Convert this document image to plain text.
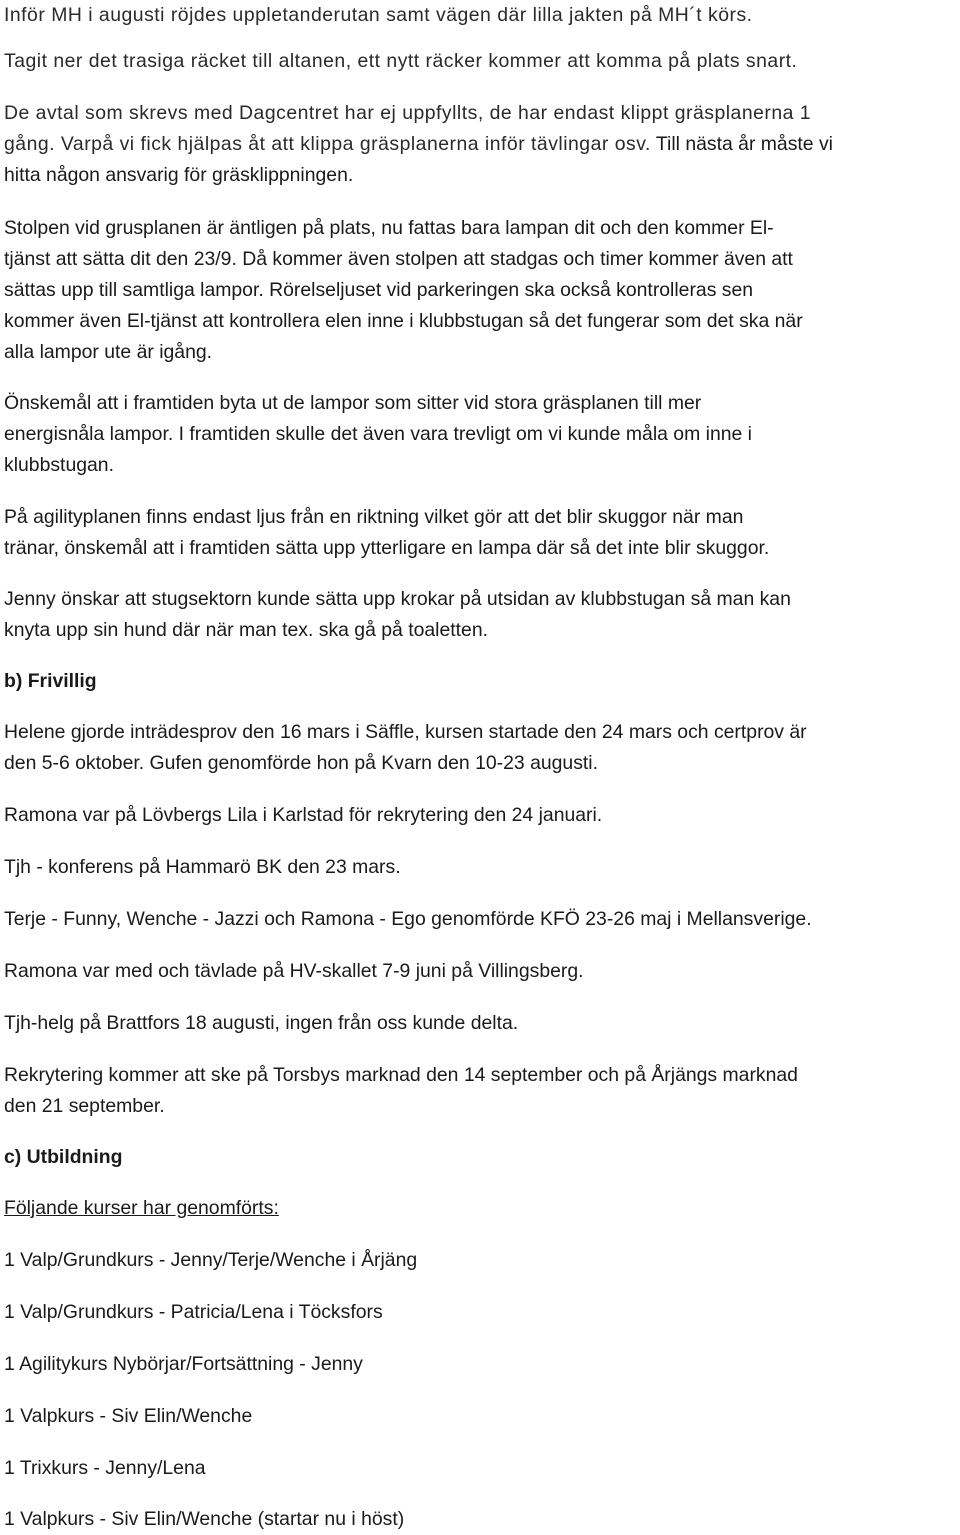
Inför MH i augusti röjdes uppletanderutan samt vägen där lilla jakten på MH´t körs.
Tagit ner det trasiga räcket till altanen, ett nytt räcker kommer att komma på plats snart.
De avtal som skrevs med Dagcentret har ej uppfyllts, de har endast klippt gräsplanerna 1
gång. Varpå vi fick hjälpas åt att klippa gräsplanerna inför tävlingar osv. Till nästa år måste vi
hitta någon ansvarig för gräsklippningen.
Stolpen vid grusplanen är äntligen på plats, nu fattas bara lampan dit och den kommer El-
tjänst att sätta dit den 23/9. Då kommer även stolpen att stadgas och timer kommer även att
sättas upp till samtliga lampor. Rörelseljuset vid parkeringen ska också kontrolleras sen
kommer även El-tjänst att kontrollera elen inne i klubbstugan så det fungerar som det ska när
alla lampor ute är igång.
Önskemål att i framtiden byta ut de lampor som sitter vid stora gräsplanen till mer
energisnåla lampor. I framtiden skulle det även vara trevligt om vi kunde måla om inne i
klubbstugan.
På agilityplanen finns endast ljus från en riktning vilket gör att det blir skuggor när man
tränar, önskemål att i framtiden sätta upp ytterligare en lampa där så det inte blir skuggor.
Jenny önskar att stugsektorn kunde sätta upp krokar på utsidan av klubbstugan så man kan
knyta upp sin hund där när man tex. ska gå på toaletten.
b) Frivillig
Helene gjorde inträdesprov den 16 mars i Säffle, kursen startade den 24 mars och certprov är
den 5-6 oktober. Gufen genomförde hon på Kvarn den 10-23 augusti.
Ramona var på Lövbergs Lila i Karlstad för rekrytering den 24 januari.
Tjh - konferens på Hammarö BK den 23 mars.
Terje - Funny, Wenche - Jazzi och Ramona - Ego genomförde KFÖ 23-26 maj i Mellansverige.
Ramona var med och tävlade på HV-skallet 7-9 juni på Villingsberg.
Tjh-helg på Brattfors 18 augusti, ingen från oss kunde delta.
Rekrytering kommer att ske på Torsbys marknad den 14 september och på Årjängs marknad
den 21 september.
c) Utbildning
Följande kurser har genomförts:
1 Valp/Grundkurs - Jenny/Terje/Wenche i Årjäng
1 Valp/Grundkurs - Patricia/Lena i Töcksfors
1 Agilitykurs Nybörjar/Fortsättning - Jenny
1 Valpkurs - Siv Elin/Wenche
1 Trixkurs - Jenny/Lena
1 Valpkurs - Siv Elin/Wenche (startar nu i höst)
